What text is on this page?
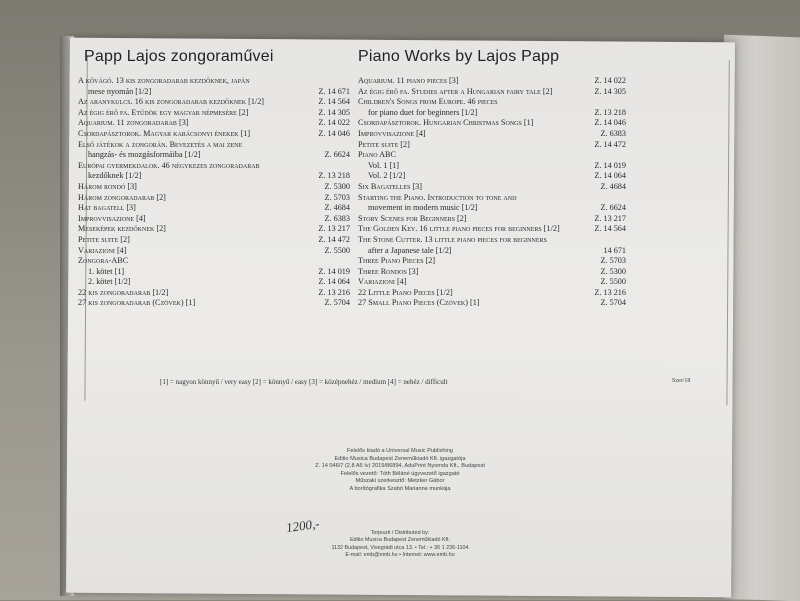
Papp Lajos zongoraművei	Piano Works by Lajos Papp
A kővágó. 13 kis zongoradarab kezdőknek, japán
mese nyomán [1/2]	Z. 14 671
Az aranykulcs. 16 kis zongoradarab kezdőknek [1/2]	Z. 14 564
Az égig érő fa. Etűdök egy magyar népmesére [2]	Z. 14 305
Aquarium. 11 zongoradarab [3]	Z. 14 022
Csordapásztorok. Magyar karácsonyi énekek [1]	Z. 14 046
Első játékok a zongorán. Bevezetés a mai zene
hangzás- és mozgásformáiba [1/2]	Z. 6624
Európai gyermekdalok. 46 négykezes zongoradarab
kezdőknek [1/2]	Z. 13 218
Három rondó [3]	Z. 5300
Három zongoradarab [2]	Z. 5703
Hat bagatell [3]	Z. 4684
Improvvisazione [4]	Z. 6383
Meseképek kezdőknek [2]	Z. 13 217
Petite suite [2]	Z. 14 472
Variazioni [4]	Z. 5500
Zongora-ABC
1. kötet [1]	Z. 14 019
2. kötet [1/2]	Z. 14 064
22 kis zongoradarab [1/2]	Z. 13 216
27 kis zongoradarab (Czövek) [1]	Z. 5704
Aquarium. 11 piano pieces [3]	Z. 14 022
Az égig érő fa. Studies after a Hungarian fairy tale [2]	Z. 14 305
Children's Songs from Europe. 46 pieces
for piano duet for beginners [1/2]	Z. 13 218
Csordapásztorok. Hungarian Christmas Songs [1]	Z. 14 046
Improvvisazione [4]	Z. 6383
Petite suite [2]	Z. 14 472
Piano ABC
Vol. 1 [1]	Z. 14 019
Vol. 2 [1/2]	Z. 14 064
Six Bagatelles [3]	Z. 4684
Starting the Piano. Introduction to tone and
movement in modern music [1/2]	Z. 6624
Story Scenes for Beginners [2]	Z. 13 217
The Golden Key. 16 little piano pieces for beginners [1/2]	Z. 14 564
The Stone Cutter. 13 little piano pieces for beginners
after a Japanese tale [1/2]	14 671
Three Piano Pieces [2]	Z. 5703
Three Rondos [3]	Z. 5300
Variazioni [4]	Z. 5500
22 Little Piano Pieces [1/2]	Z. 13 216
27 Small Piano Pieces (Czövek) [1]	Z. 5704
[1] = nagyon könnyű / very easy [2] = könnyű / easy [3] = középnehéz / medium [4] = nehéz / difficult	Szer/18
Felelős kiadó a Universal Music Publishing
Editio Musica Budapest Zeneműkiadó Kft. igazgatója
Z. 14 046/7 (2,8 A5 ív) 2019/86894, AduPrint Nyomda Kft., Budapest
Felelős vezető: Tóth Béláné ügyvezető igazgató
Műszaki szerkesztő: Metzker Gábor
A borítógrafika Szabó Marianne munkája
1200,-	Terjeszti / Distributed by:
Editio Musica Budapest Zeneműkiadó Kft.
1132 Budapest, Visegrádi utca 13. • Tel.: + 36 1 236-1104
E-mail: emb@emb.hu • Internet: www.emb.hu
